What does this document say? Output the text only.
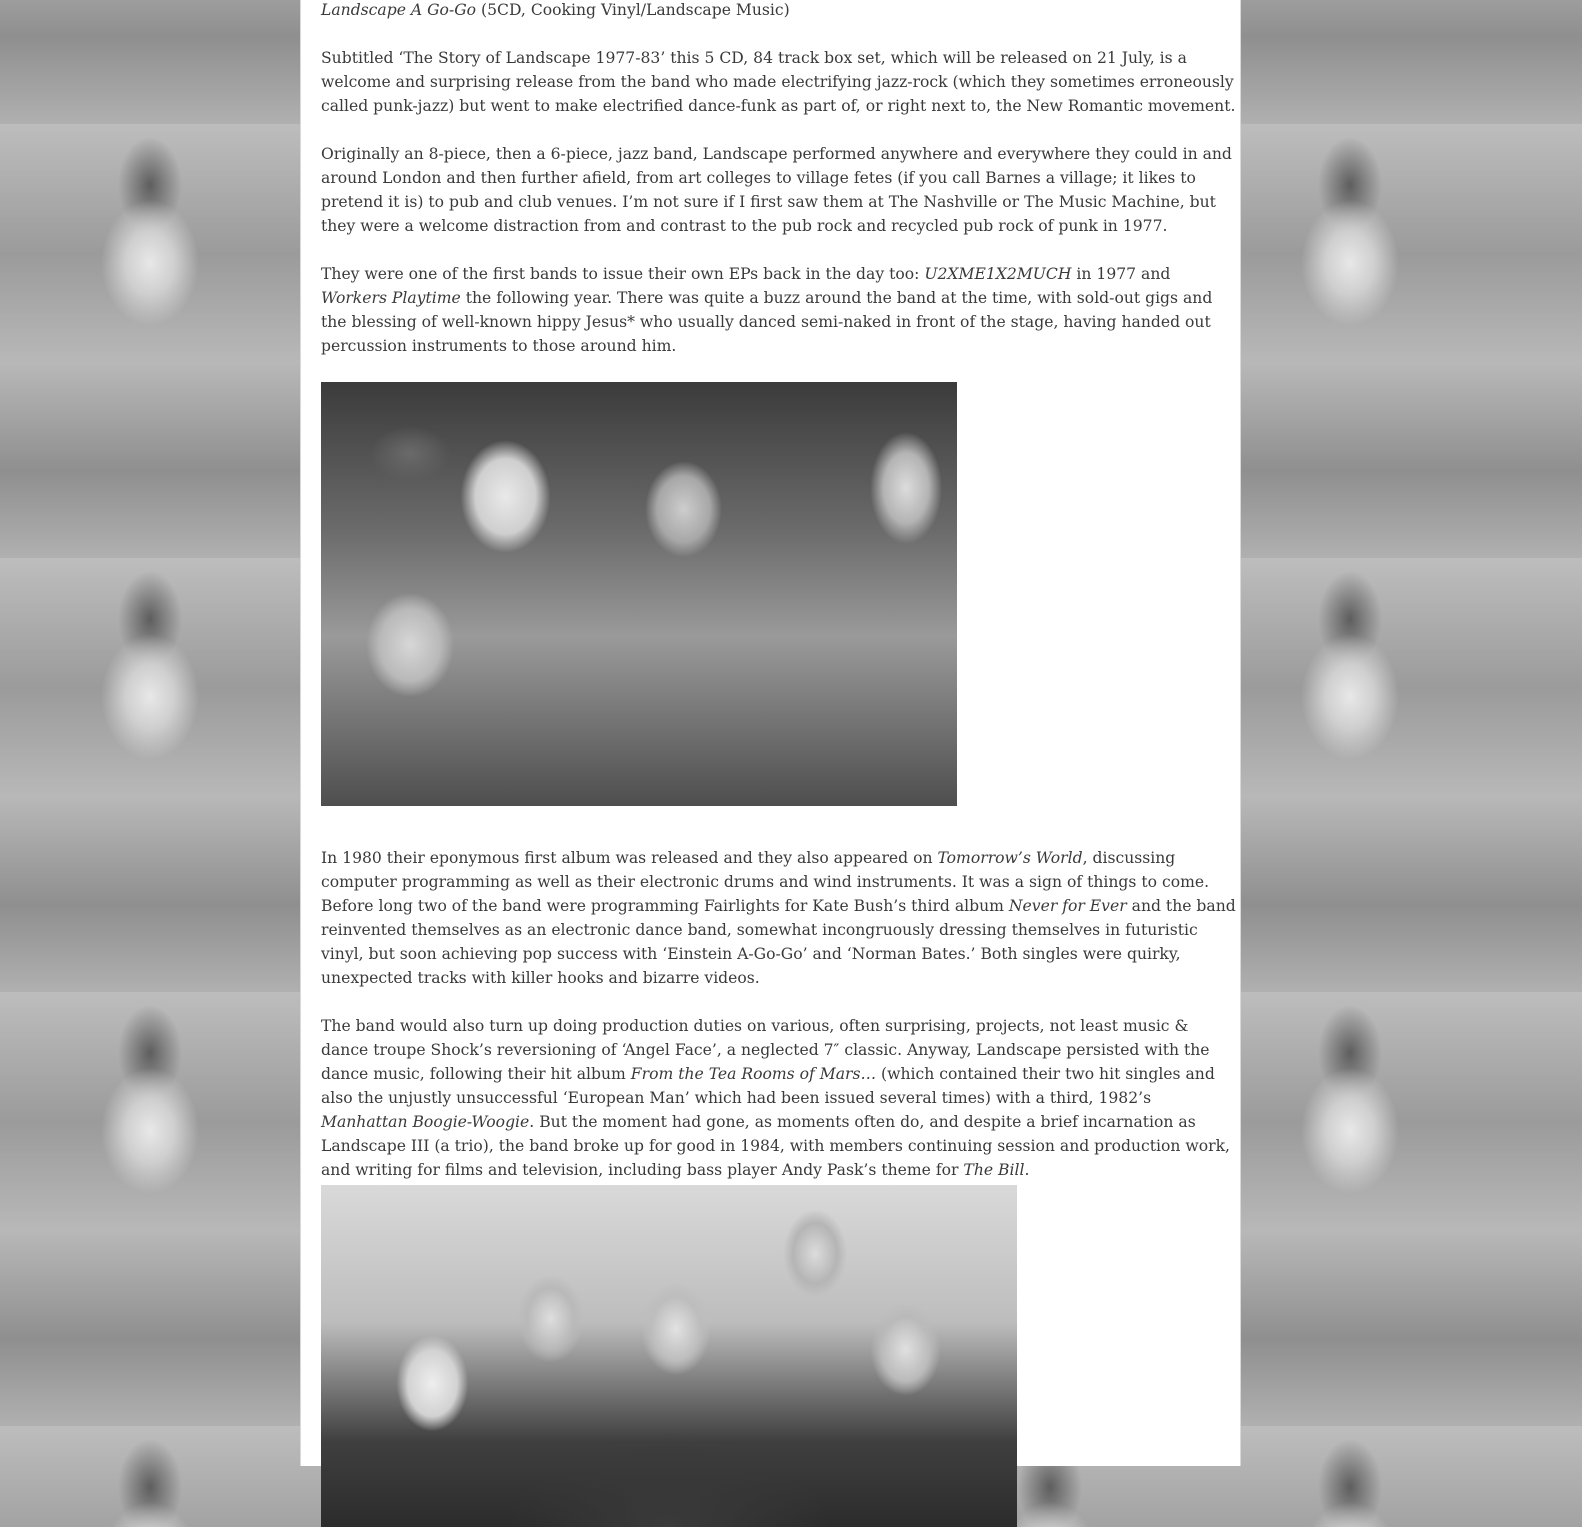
Landscape A Go-Go (5CD, Cooking Vinyl/Landscape Music)

Subtitled ‘The Story of Landscape 1977-83’ this 5 CD, 84 track box set, which will be released on 21 July, is a welcome and surprising release from the band who made electrifying jazz-rock (which they sometimes erroneously called punk-jazz) but went to make electrified dance-funk as part of, or right next to, the New Romantic movement.

Originally an 8-piece, then a 6-piece, jazz band, Landscape performed anywhere and everywhere they could in and around London and then further afield, from art colleges to village fetes (if you call Barnes a village; it likes to pretend it is) to pub and club venues. I’m not sure if I first saw them at The Nashville or The Music Machine, but they were a welcome distraction from and contrast to the pub rock and recycled pub rock of punk in 1977.

They were one of the first bands to issue their own EPs back in the day too: U2XME1X2MUCH in 1977 and Workers Playtime the following year. There was quite a buzz around the band at the time, with sold-out gigs and the blessing of well-known hippy Jesus* who usually danced semi-naked in front of the stage, having handed out percussion instruments to those around him.

In 1980 their eponymous first album was released and they also appeared on Tomorrow’s World, discussing computer programming as well as their electronic drums and wind instruments. It was a sign of things to come. Before long two of the band were programming Fairlights for Kate Bush’s third album Never for Ever and the band reinvented themselves as an electronic dance band, somewhat incongruously dressing themselves in futuristic vinyl, but soon achieving pop success with ‘Einstein A-Go-Go’ and ‘Norman Bates.’ Both singles were quirky, unexpected tracks with killer hooks and bizarre videos.

The band would also turn up doing production duties on various, often surprising, projects, not least music & dance troupe Shock’s reversioning of ‘Angel Face’, a neglected 7″ classic. Anyway, Landscape persisted with the dance music, following their hit album From the Tea Rooms of Mars… (which contained their two hit singles and also the unjustly unsuccessful ‘European Man’ which had been issued several times) with a third, 1982’s Manhattan Boogie-Woogie. But the moment had gone, as moments often do, and despite a brief incarnation as Landscape III (a trio), the band broke up for good in 1984, with members continuing session and production work, and writing for films and television, including bass player Andy Pask’s theme for The Bill.
